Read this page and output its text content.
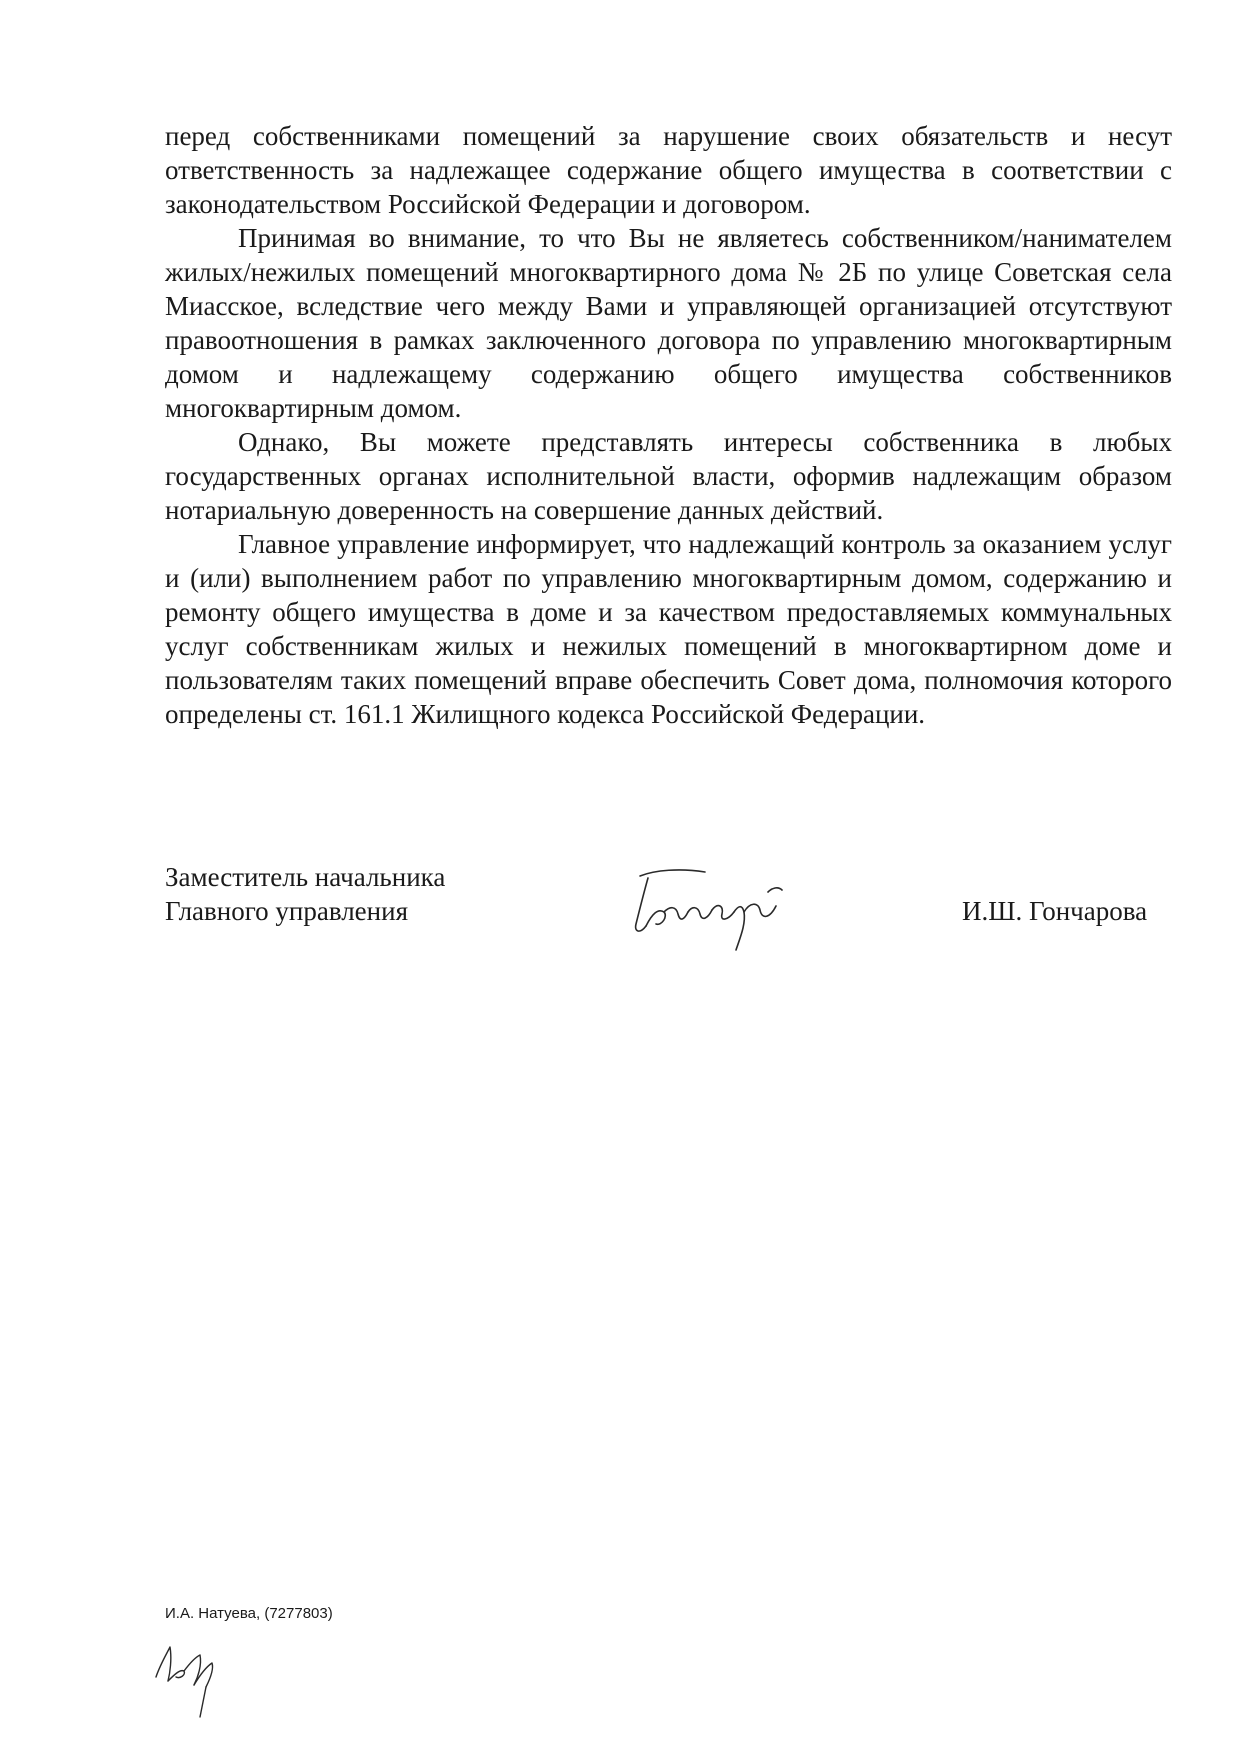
перед собственниками помещений за нарушение своих обязательств и несут ответственность за надлежащее содержание общего имущества в соответствии с законодательством Российской Федерации и договором.

Принимая во внимание, то что Вы не являетесь собственником/нанимателем жилых/нежилых помещений многоквартирного дома № 2Б по улице Советская села Миасское, вследствие чего между Вами и управляющей организацией отсутствуют правоотношения в рамках заключенного договора по управлению многоквартирным домом и надлежащему содержанию общего имущества собственников многоквартирным домом.

Однако, Вы можете представлять интересы собственника в любых государственных органах исполнительной власти, оформив надлежащим образом нотариальную доверенность на совершение данных действий.

Главное управление информирует, что надлежащий контроль за оказанием услуг и (или) выполнением работ по управлению многоквартирным домом, содержанию и ремонту общего имущества в доме и за качеством предоставляемых коммунальных услуг собственникам жилых и нежилых помещений в многоквартирном доме и пользователям таких помещений вправе обеспечить Совет дома, полномочия которого определены ст. 161.1 Жилищного кодекса Российской Федерации.

Заместитель начальника
Главного управления	И.Ш. Гончарова
И.А. Натуева, (7277803)
